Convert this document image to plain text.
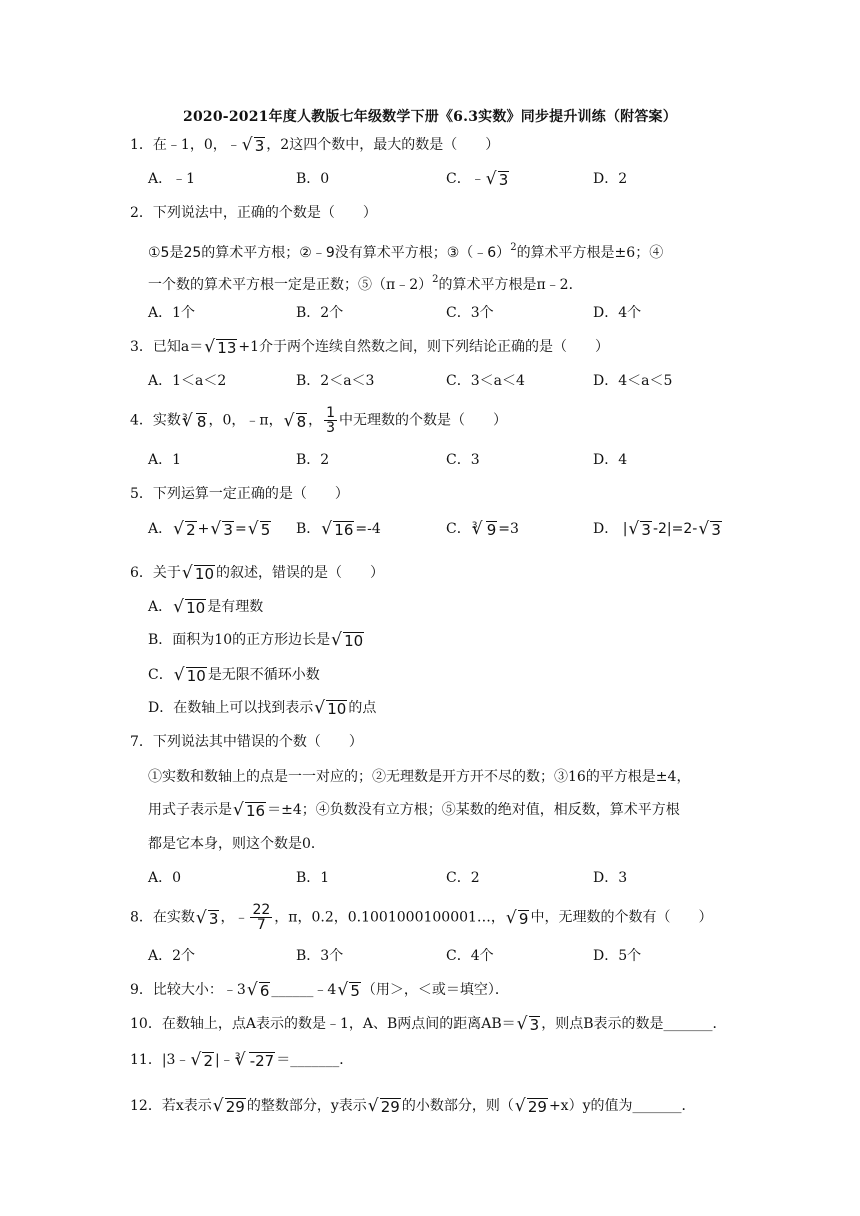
2020-2021年度人教版七年级数学下册《6.3实数》同步提升训练（附答案）
1．在﹣1，0，﹣ √ 3 ，2这四个数中，最大的数是（　　）
A．﹣1	B．0	C．﹣ √ 3	D．2
2．下列说法中，正确的个数是（　　）
①5是25的算术平方根；②﹣9没有算术平方根；③（﹣6）$^2$的算术平方根是±6；④
一个数的算术平方根一定是正数；⑤（π﹣2）$^2$的算术平方根是π﹣2．
A．1个	B．2个	C．3个	D．4个
3．已知a＝ √ 13 +1介于两个连续自然数之间，则下列结论正确的是（　　）
A．1＜a＜2	B．2＜a＜3	C．3＜a＜4	D．4＜a＜5
4．实数 √ 3 8 ，0，﹣π， √ 8 ， $\frac{1}{3}$ 中无理数的个数是（　　）
A．1	B．2	C．3	D．4
5．下列运算一定正确的是（　　）
A． √ 2 + √ 3 = √ 5 B． √ 16 =-4	C． √ 3 9 =3	D． | √ 3 -2|=2- √ 3
6．关于 √ 10 的叙述，错误的是（　　）
A． √ 10 是有理数
B．面积为10的正方形边长是 √ 10
C． √ 10 是无限不循环小数
D．在数轴上可以找到表示 √ 10 的点
7．下列说法其中错误的个数（　　）
①实数和数轴上的点是一一对应的；②无理数是开方开不尽的数；③16的平方根是±4，
用式子表示是 √ 16 ＝±4；④负数没有立方根；⑤某数的绝对值，相反数，算术平方根
都是它本身，则这个数是0．
A．0	B．1	C．2	D．3
8．在实数 √ 3 ，﹣ $\frac{22}{7}$ ，π，0.2，0.1001000100001…， √ 9 中，无理数的个数有（　　）
A．2个	B．3个	C．4个	D．5个
9．比较大小：﹣3 √ 6 ______﹣4 √ 5 （用＞，＜或＝填空）．
10．在数轴上，点A表示的数是﹣1，A、B两点间的距离AB＝ √ 3 ，则点B表示的数是_______．
11．|3﹣ √ 2 |﹣ √ 3 -27 ＝_______．
12．若x表示 √ 29 的整数部分，y表示 √ 29 的小数部分，则（ √ 29 +x）y的值为_______．
